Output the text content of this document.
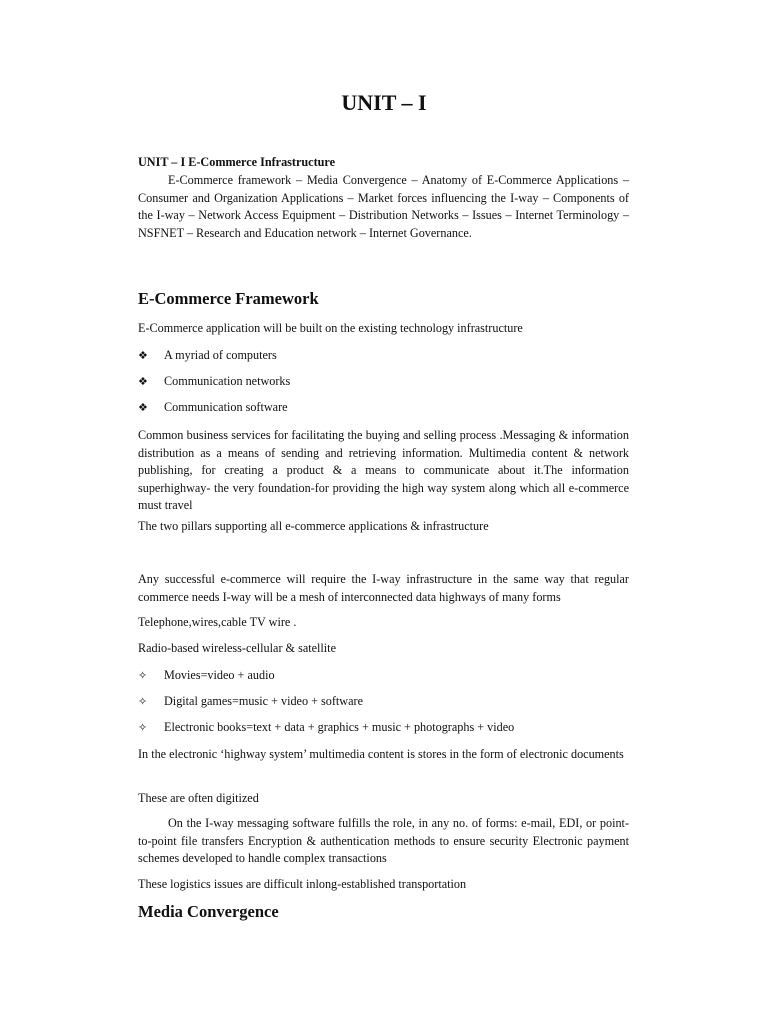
UNIT – I

UNIT – I E-Commerce Infrastructure

E-Commerce framework – Media Convergence – Anatomy of E-Commerce Applications – Consumer and Organization Applications – Market forces influencing the I-way – Components of the I-way – Network Access Equipment – Distribution Networks – Issues – Internet Terminology – NSFNET – Research and Education network – Internet Governance.

E-Commerce Framework

E-Commerce application will be built on the existing technology infrastructure

❖ A myriad of computers
❖ Communication networks
❖ Communication software

Common business services for facilitating the buying and selling process .Messaging & information distribution as a means of sending and retrieving information. Multimedia content & network publishing, for creating a product & a means to communicate about it.The information superhighway- the very foundation-for providing the high way system along which all e-commerce must travel

The two pillars supporting all e-commerce applications & infrastructure

Any successful e-commerce will require the I-way infrastructure in the same way that regular commerce needs I-way will be a mesh of interconnected data highways of many forms

Telephone,wires,cable TV wire .

Radio-based wireless-cellular & satellite

✧ Movies=video + audio
✧ Digital games=music + video + software
✧ Electronic books=text + data + graphics + music + photographs + video

In the electronic ‘highway system’ multimedia content is stores in the form of electronic documents

These are often digitized

On the I-way messaging software fulfills the role, in any no. of forms: e-mail, EDI, or point-to-point file transfers Encryption & authentication methods to ensure security Electronic payment schemes developed to handle complex transactions

These logistics issues are difficult inlong-established transportation

Media Convergence
